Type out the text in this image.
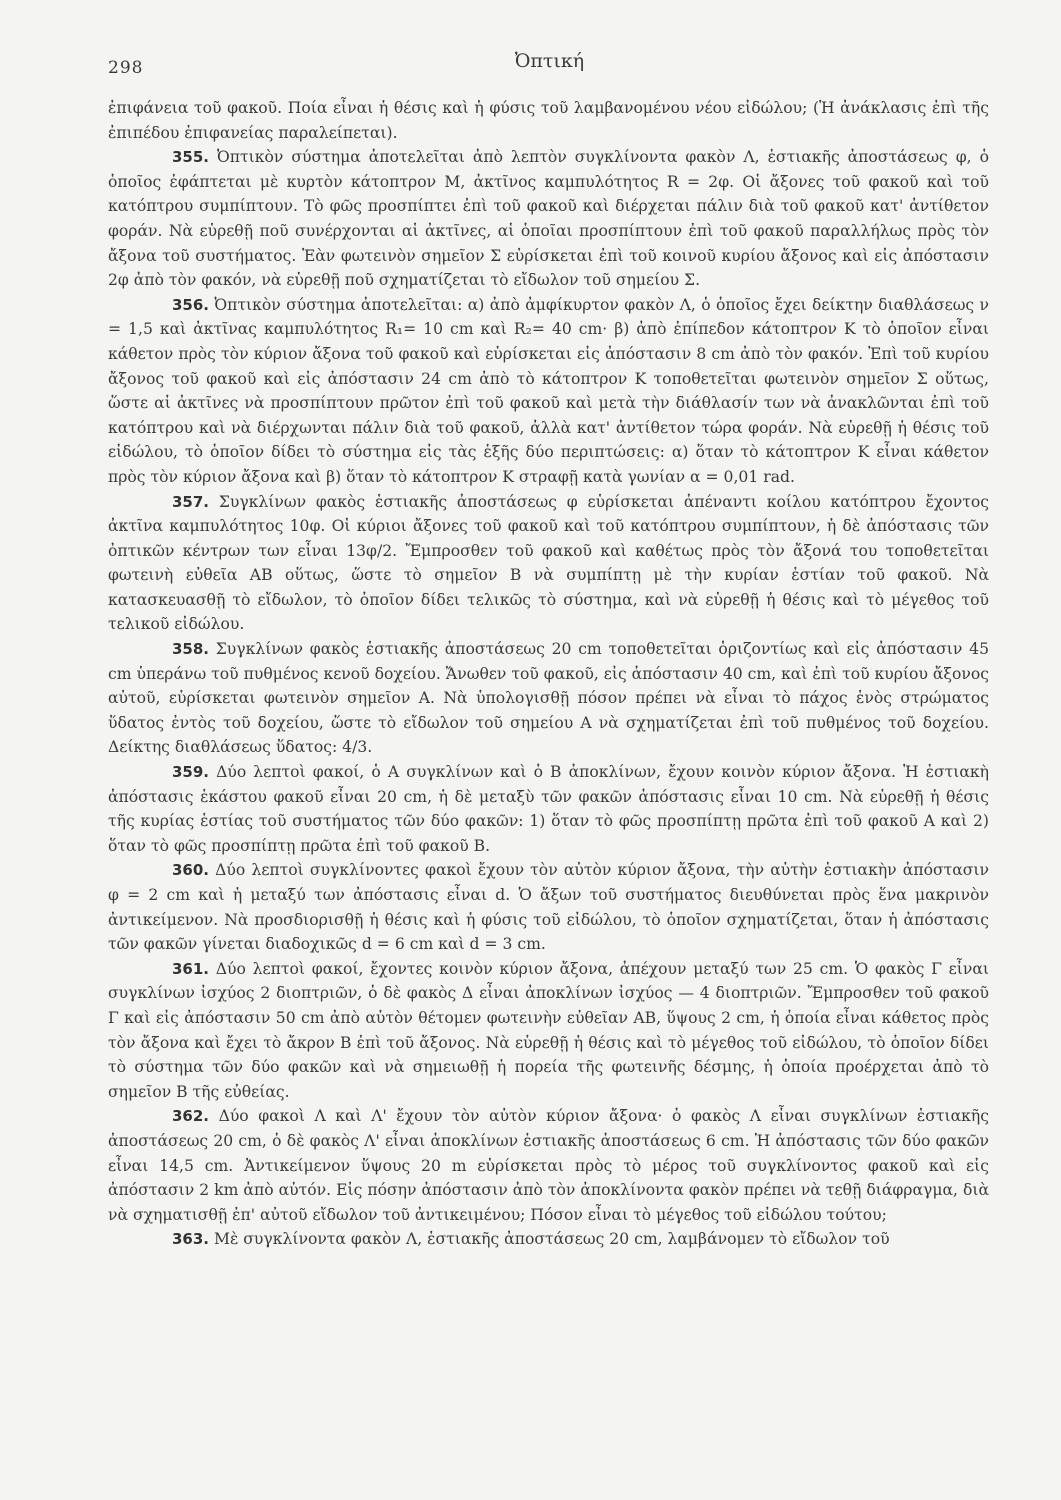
298	Ὀπτική

ἐπιφάνεια τοῦ φακοῦ. Ποία εἶναι ἡ θέσις καὶ ἡ φύσις τοῦ λαμβανομένου νέου εἰδώλου; (Ἡ ἀνάκλασις ἐπὶ τῆς ἐπιπέδου ἐπιφανείας παραλείπεται).

355. Ὀπτικὸν σύστημα ἀποτελεῖται ἀπὸ λεπτὸν συγκλίνοντα φακὸν Λ, ἑστιακῆς ἀποστάσεως φ, ὁ ὁποῖος ἐφάπτεται μὲ κυρτὸν κάτοπτρον Μ, ἀκτῖνος καμπυλότητος R = 2φ. Οἱ ἄξονες τοῦ φακοῦ καὶ τοῦ κατόπτρου συμπίπτουν. Τὸ φῶς προσπίπτει ἐπὶ τοῦ φακοῦ καὶ διέρχεται πάλιν διὰ τοῦ φακοῦ κατ' ἀντίθετον φοράν. Νὰ εὑρεθῇ ποῦ συνέρχονται αἱ ἀκτῖνες, αἱ ὁποῖαι προσπίπτουν ἐπὶ τοῦ φακοῦ παραλλήλως πρὸς τὸν ἄξονα τοῦ συστήματος. Ἐὰν φωτεινὸν σημεῖον Σ εὑρίσκεται ἐπὶ τοῦ κοινοῦ κυρίου ἄξονος καὶ εἰς ἀπόστασιν 2φ ἀπὸ τὸν φακόν, νὰ εὑρεθῇ ποῦ σχηματίζεται τὸ εἴδωλον τοῦ σημείου Σ.

356. Ὀπτικὸν σύστημα ἀποτελεῖται: α) ἀπὸ ἀμφίκυρτον φακὸν Λ, ὁ ὁποῖος ἔχει δείκτην διαθλάσεως ν = 1,5 καὶ ἀκτῖνας καμπυλότητος R₁= 10 cm καὶ R₂= 40 cm· β) ἀπὸ ἐπίπεδον κάτοπτρον Κ τὸ ὁποῖον εἶναι κάθετον πρὸς τὸν κύριον ἄξονα τοῦ φακοῦ καὶ εὑρίσκεται εἰς ἀπόστασιν 8 cm ἀπὸ τὸν φακόν. Ἐπὶ τοῦ κυρίου ἄξονος τοῦ φακοῦ καὶ εἰς ἀπόστασιν 24 cm ἀπὸ τὸ κάτοπτρον Κ τοποθετεῖται φωτεινὸν σημεῖον Σ οὕτως, ὥστε αἱ ἀκτῖνες νὰ προσπίπτουν πρῶτον ἐπὶ τοῦ φακοῦ καὶ μετὰ τὴν διάθλασίν των νὰ ἀνακλῶνται ἐπὶ τοῦ κατόπτρου καὶ νὰ διέρχωνται πάλιν διὰ τοῦ φακοῦ, ἀλλὰ κατ' ἀντίθετον τώρα φοράν. Νὰ εὑρεθῇ ἡ θέσις τοῦ εἰδώλου, τὸ ὁποῖον δίδει τὸ σύστημα εἰς τὰς ἑξῆς δύο περιπτώσεις: α) ὅταν τὸ κάτοπτρον Κ εἶναι κάθετον πρὸς τὸν κύριον ἄξονα καὶ β) ὅταν τὸ κάτοπτρον Κ στραφῇ κατὰ γωνίαν α = 0,01 rad.

357. Συγκλίνων φακὸς ἑστιακῆς ἀποστάσεως φ εὑρίσκεται ἀπέναντι κοίλου κατόπτρου ἔχοντος ἀκτῖνα καμπυλότητος 10φ. Οἱ κύριοι ἄξονες τοῦ φακοῦ καὶ τοῦ κατόπτρου συμπίπτουν, ἡ δὲ ἀπόστασις τῶν ὀπτικῶν κέντρων των εἶναι 13φ/2. Ἔμπροσθεν τοῦ φακοῦ καὶ καθέτως πρὸς τὸν ἄξονά του τοποθετεῖται φωτεινὴ εὐθεῖα ΑΒ οὕτως, ὥστε τὸ σημεῖον Β νὰ συμπίπτῃ μὲ τὴν κυρίαν ἑστίαν τοῦ φακοῦ. Νὰ κατασκευασθῇ τὸ εἴδωλον, τὸ ὁποῖον δίδει τελικῶς τὸ σύστημα, καὶ νὰ εὑρεθῇ ἡ θέσις καὶ τὸ μέγεθος τοῦ τελικοῦ εἰδώλου.

358. Συγκλίνων φακὸς ἑστιακῆς ἀποστάσεως 20 cm τοποθετεῖται ὁριζοντίως καὶ εἰς ἀπόστασιν 45 cm ὑπεράνω τοῦ πυθμένος κενοῦ δοχείου. Ἄνωθεν τοῦ φακοῦ, εἰς ἀπόστασιν 40 cm, καὶ ἐπὶ τοῦ κυρίου ἄξονος αὐτοῦ, εὑρίσκεται φωτεινὸν σημεῖον Α. Νὰ ὑπολογισθῇ πόσον πρέπει νὰ εἶναι τὸ πάχος ἑνὸς στρώματος ὕδατος ἐντὸς τοῦ δοχείου, ὥστε τὸ εἴδωλον τοῦ σημείου Α νὰ σχηματίζεται ἐπὶ τοῦ πυθμένος τοῦ δοχείου. Δείκτης διαθλάσεως ὕδατος: 4/3.

359. Δύο λεπτοὶ φακοί, ὁ Α συγκλίνων καὶ ὁ Β ἀποκλίνων, ἔχουν κοινὸν κύριον ἄξονα. Ἡ ἑστιακὴ ἀπόστασις ἑκάστου φακοῦ εἶναι 20 cm, ἡ δὲ μεταξὺ τῶν φακῶν ἀπόστασις εἶναι 10 cm. Νὰ εὑρεθῇ ἡ θέσις τῆς κυρίας ἑστίας τοῦ συστήματος τῶν δύο φακῶν: 1) ὅταν τὸ φῶς προσπίπτῃ πρῶτα ἐπὶ τοῦ φακοῦ Α καὶ 2) ὅταν τὸ φῶς προσπίπτῃ πρῶτα ἐπὶ τοῦ φακοῦ Β.

360. Δύο λεπτοὶ συγκλίνοντες φακοὶ ἔχουν τὸν αὐτὸν κύριον ἄξονα, τὴν αὐτὴν ἑστιακὴν ἀπόστασιν φ = 2 cm καὶ ἡ μεταξύ των ἀπόστασις εἶναι d. Ὁ ἄξων τοῦ συστήματος διευθύνεται πρὸς ἕνα μακρινὸν ἀντικείμενον. Νὰ προσδιορισθῇ ἡ θέσις καὶ ἡ φύσις τοῦ εἰδώλου, τὸ ὁποῖον σχηματίζεται, ὅταν ἡ ἀπόστασις τῶν φακῶν γίνεται διαδοχικῶς d = 6 cm καὶ d = 3 cm.

361. Δύο λεπτοὶ φακοί, ἔχοντες κοινὸν κύριον ἄξονα, ἀπέχουν μεταξύ των 25 cm. Ὁ φακὸς Γ εἶναι συγκλίνων ἰσχύος 2 διοπτριῶν, ὁ δὲ φακὸς Δ εἶναι ἀποκλίνων ἰσχύος — 4 διοπτριῶν. Ἔμπροσθεν τοῦ φακοῦ Γ καὶ εἰς ἀπόστασιν 50 cm ἀπὸ αὐτὸν θέτομεν φωτεινὴν εὐθεῖαν ΑΒ, ὕψους 2 cm, ἡ ὁποία εἶναι κάθετος πρὸς τὸν ἄξονα καὶ ἔχει τὸ ἄκρον Β ἐπὶ τοῦ ἄξονος. Νὰ εὑρεθῇ ἡ θέσις καὶ τὸ μέγεθος τοῦ εἰδώλου, τὸ ὁποῖον δίδει τὸ σύστημα τῶν δύο φακῶν καὶ νὰ σημειωθῇ ἡ πορεία τῆς φωτεινῆς δέσμης, ἡ ὁποία προέρχεται ἀπὸ τὸ σημεῖον Β τῆς εὐθείας.

362. Δύο φακοὶ Λ καὶ Λ' ἔχουν τὸν αὐτὸν κύριον ἄξονα· ὁ φακὸς Λ εἶναι συγκλίνων ἑστιακῆς ἀποστάσεως 20 cm, ὁ δὲ φακὸς Λ' εἶναι ἀποκλίνων ἑστιακῆς ἀποστάσεως 6 cm. Ἡ ἀπόστασις τῶν δύο φακῶν εἶναι 14,5 cm. Ἀντικείμενον ὕψους 20 m εὑρίσκεται πρὸς τὸ μέρος τοῦ συγκλίνοντος φακοῦ καὶ εἰς ἀπόστασιν 2 km ἀπὸ αὐτόν. Εἰς πόσην ἀπόστασιν ἀπὸ τὸν ἀποκλίνοντα φακὸν πρέπει νὰ τεθῇ διάφραγμα, διὰ νὰ σχηματισθῇ ἐπ' αὐτοῦ εἴδωλον τοῦ ἀντικειμένου; Πόσον εἶναι τὸ μέγεθος τοῦ εἰδώλου τούτου;

363. Μὲ συγκλίνοντα φακὸν Λ, ἑστιακῆς ἀποστάσεως 20 cm, λαμβάνομεν τὸ εἴδωλον τοῦ
